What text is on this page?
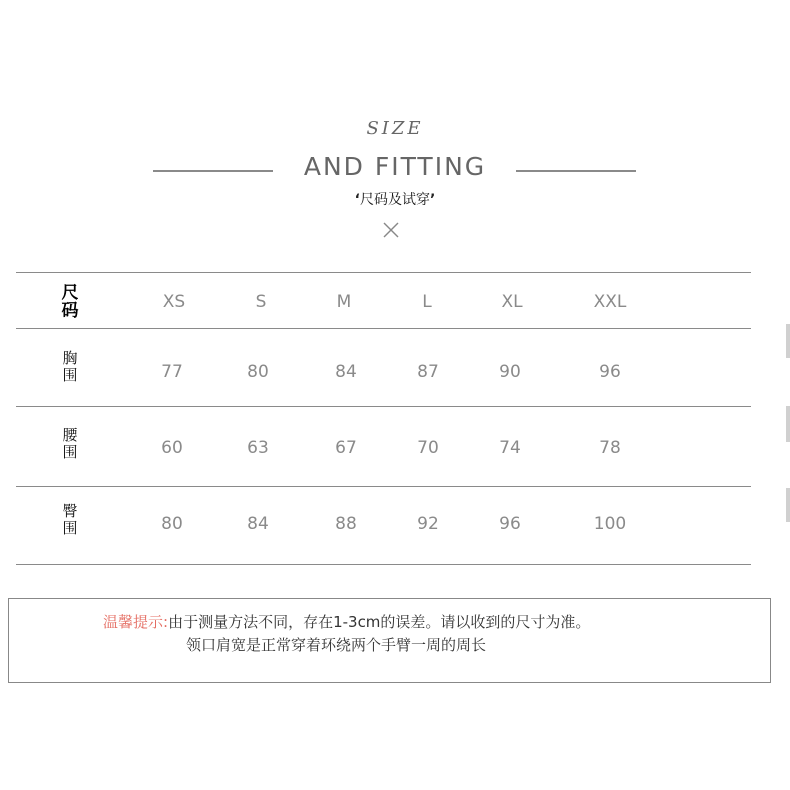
SIZE
AND FITTING
‘尺码及试穿’
尺
码	XS	S	M	L	XL	XXL
胸
围	77	80	84	87	90	96
腰
围	60	63	67	70	74	78
臀
围	80	84	88	92	96	100
温馨提示:由于测量方法不同，存在1-3cm的误差。请以收到的尺寸为准。
领口肩宽是正常穿着环绕两个手臂一周的周长
